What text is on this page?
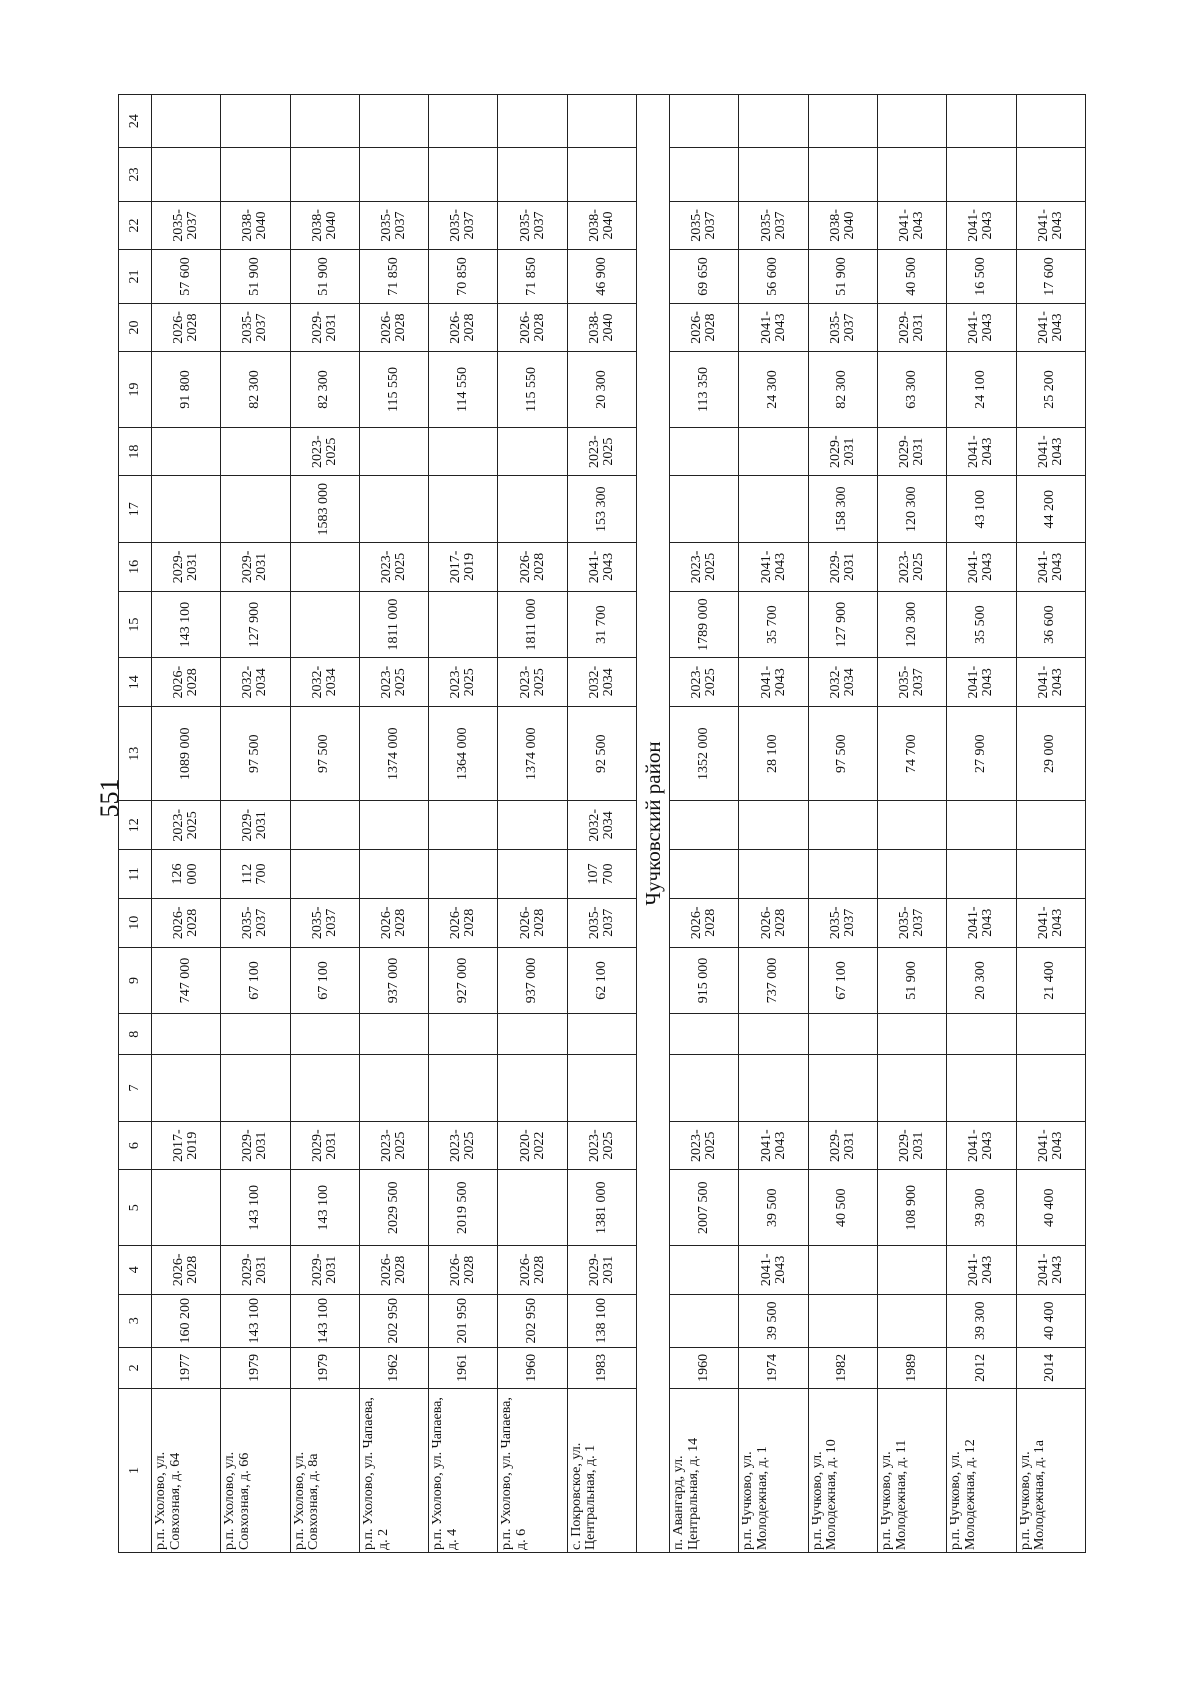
551
1	2	3	4	5	6	7	8	9	10	11	12	13	14	15	16	17	18	19	20	21	22	23	24
р.п. Ухолово, ул. Совхозная, д. 64	1977	160 200	2026-2028		2017-2019			747 000	2026-2028	126 000	2023-2025	1089 000	2026-2028	143 100	2029-2031			91 800	2026-2028	57 600	2035-2037		
р.п. Ухолово, ул. Совхозная, д. 66	1979	143 100	2029-2031	143 100	2029-2031			67 100	2035-2037	112 700	2029-2031	97 500	2032-2034	127 900	2029-2031			82 300	2035-2037	51 900	2038-2040		
р.п. Ухолово, ул. Совхозная, д. 8а	1979	143 100	2029-2031	143 100	2029-2031			67 100	2035-2037			97 500	2032-2034			1583 000	2023-2025	82 300	2029-2031	51 900	2038-2040		
р.п. Ухолово, ул. Чапаева, д. 2	1962	202 950	2026-2028	2029 500	2023-2025			937 000	2026-2028			1374 000	2023-2025	1811 000	2023-2025			115 550	2026-2028	71 850	2035-2037		
р.п. Ухолово, ул. Чапаева, д. 4	1961	201 950	2026-2028	2019 500	2023-2025			927 000	2026-2028			1364 000	2023-2025		2017-2019			114 550	2026-2028	70 850	2035-2037		
р.п. Ухолово, ул. Чапаева, д. 6	1960	202 950	2026-2028		2020-2022			937 000	2026-2028			1374 000	2023-2025	1811 000	2026-2028			115 550	2026-2028	71 850	2035-2037		
с. Покровское, ул. Центральная, д. 1	1983	138 100	2029-2031	1381 000	2023-2025			62 100	2035-2037	107 700	2032-2034	92 500	2032-2034	31 700	2041-2043	153 300	2023-2025	20 300	2038-2040	46 900	2038-2040		
Чучковский район																							
п. Авангард, ул. Центральная, д. 14	1960			2007 500	2023-2025			915 000	2026-2028			1352 000	2023-2025	1789 000	2023-2025			113 350	2026-2028	69 650	2035-2037		
р.п. Чучково, ул. Молодежная, д. 1	1974	39 500	2041-2043	39 500	2041-2043			737 000	2026-2028			28 100	2041-2043	35 700	2041-2043			24 300	2041-2043	56 600	2035-2037		
р.п. Чучково, ул. Молодежная, д. 10	1982			40 500	2029-2031			67 100	2035-2037			97 500	2032-2034	127 900	2029-2031	158 300	2029-2031	82 300	2035-2037	51 900	2038-2040		
р.п. Чучково, ул. Молодежная, д. 11	1989			108 900	2029-2031			51 900	2035-2037			74 700	2035-2037	120 300	2023-2025	120 300	2029-2031	63 300	2029-2031	40 500	2041-2043		
р.п. Чучково, ул. Молодежная, д. 12	2012	39 300	2041-2043	39 300	2041-2043			20 300	2041-2043			27 900	2041-2043	35 500	2041-2043	43 100	2041-2043	24 100	2041-2043	16 500	2041-2043		
р.п. Чучково, ул. Молодежная, д. 1а	2014	40 400	2041-2043	40 400	2041-2043			21 400	2041-2043			29 000	2041-2043	36 600	2041-2043	44 200	2041-2043	25 200	2041-2043	17 600	2041-2043		
